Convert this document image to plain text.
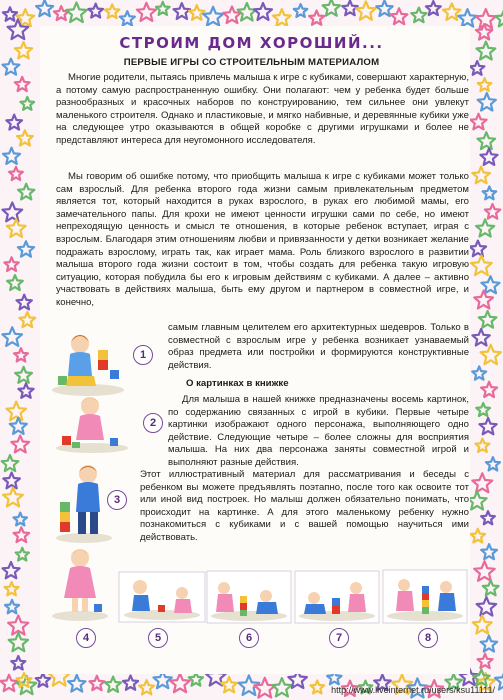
СТРОИМ ДОМ ХОРОШИЙ...
ПЕРВЫЕ ИГРЫ СО СТРОИТЕЛЬНЫМ МАТЕРИАЛОМ
Многие родители, пытаясь привлечь малыша к игре с кубиками, совершают характерную, а потому самую распространенную ошибку. Они полагают: чем у ребенка будет больше разнообразных и красочных наборов по конструированию, тем сильнее они увлекут маленького строителя. Однако и пластиковые, и мягко набивные, и деревянные кубики уже на следующее утро оказываются в общей коробке с другими игрушками и более не представляют интереса для неугомонного исследователя.
Мы говорим об ошибке потому, что приобщить малыша к игре с кубиками может только сам взрослый. Для ребенка второго года жизни самым привлекательным предметом является тот, который находится в руках взрослого, в руках его любимой мамы, его замечательного папы. Для крохи не имеют ценности игрушки сами по себе, но имеют непреходящую ценность и смысл те отношения, в которые ребенок вступает, играя с взрослым. Благодаря этим отношениям любви и привязанности у детки возникает желание подражать взрослому, играть так, как играет мама. Роль близкого взрослого в развитии малыша второго года жизни состоит в том, чтобы создать для ребенка такую игровую ситуацию, которая побудила бы его к игровым действиям с кубиками. А далее – активно участвовать в действиях малыша, быть ему другом и партнером в совместной игре, и конечно,
самым главным целителем его архитектурных шедевров. Только в совместной с взрослым игре у ребенка возникает узнаваемый образ предмета или постройки и формируются конструктивные действия.
О картинках в книжке
Для малыша в нашей книжке предназначены восемь картинок, по содержанию связанных с игрой в кубики. Первые четыре картинки изображают одного персонажа, выполняющего одно действие. Следующие четыре – более сложны для восприятия малыша. На них два персонажа заняты совместной игрой и выполняют разные действия.
Этот иллюстративный материал для рассматривания и беседы с ребенком вы можете предъявлять поэтапно, после того как освоите тот или иной вид построек. Но малыш должен обязательно понимать, что происходит на картинке. А для этого маленькому ребенку нужно познакомиться с кубиками и с вашей помощью научиться ими действовать.
1
2
3
4	5	6	7	8
http://www.liveinternet.ru/users/ksu11111/
